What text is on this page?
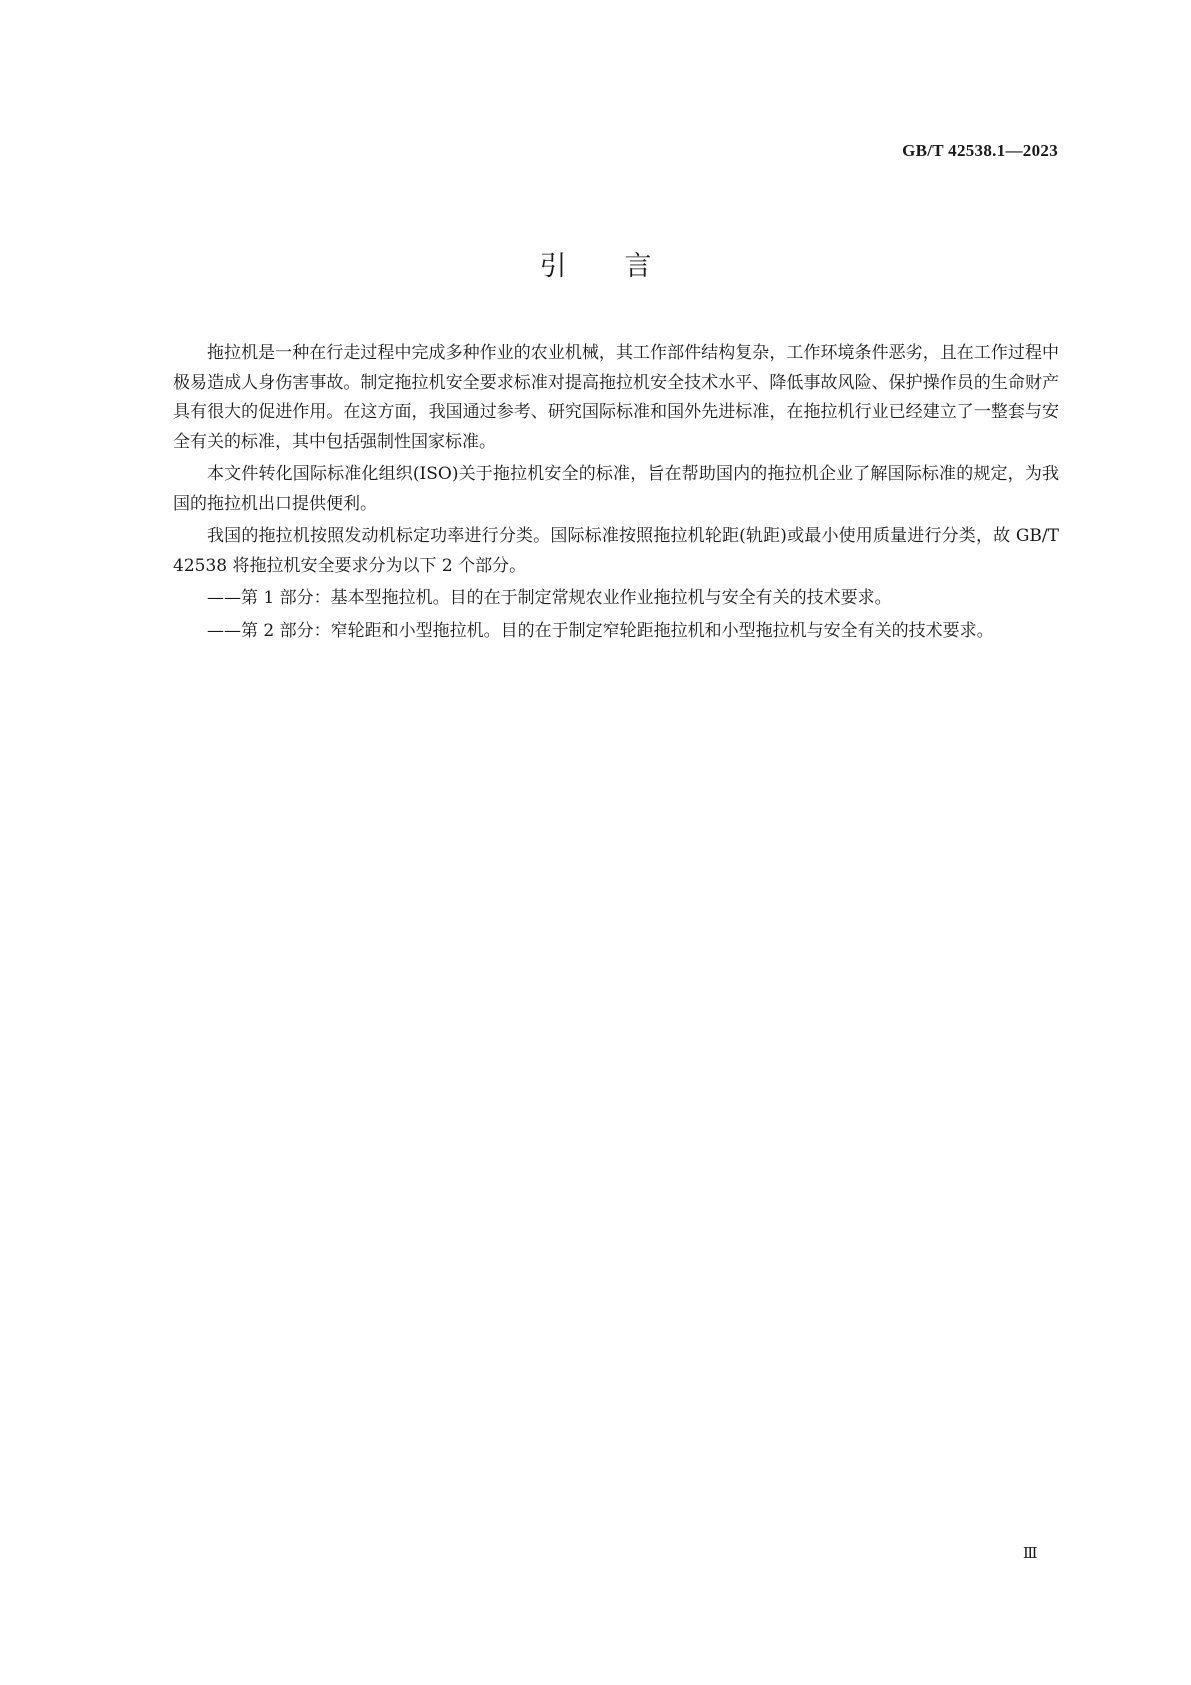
GB/T 42538.1—2023
引言

拖拉机是一种在行走过程中完成多种作业的农业机械，其工作部件结构复杂，工作环境条件恶劣，且在工作过程中极易造成人身伤害事故。制定拖拉机安全要求标准对提高拖拉机安全技术水平、降低事故风险、保护操作员的生命财产具有很大的促进作用。在这方面，我国通过参考、研究国际标准和国外先进标准，在拖拉机行业已经建立了一整套与安全有关的标准，其中包括强制性国家标准。

本文件转化国际标准化组织(ISO)关于拖拉机安全的标准，旨在帮助国内的拖拉机企业了解国际标准的规定，为我国的拖拉机出口提供便利。

我国的拖拉机按照发动机标定功率进行分类。国际标准按照拖拉机轮距(轨距)或最小使用质量进行分类，故 GB/T 42538 将拖拉机安全要求分为以下 2 个部分。

——第 1 部分：基本型拖拉机。目的在于制定常规农业作业拖拉机与安全有关的技术要求。
——第 2 部分：窄轮距和小型拖拉机。目的在于制定窄轮距拖拉机和小型拖拉机与安全有关的技术要求。
Ⅲ
